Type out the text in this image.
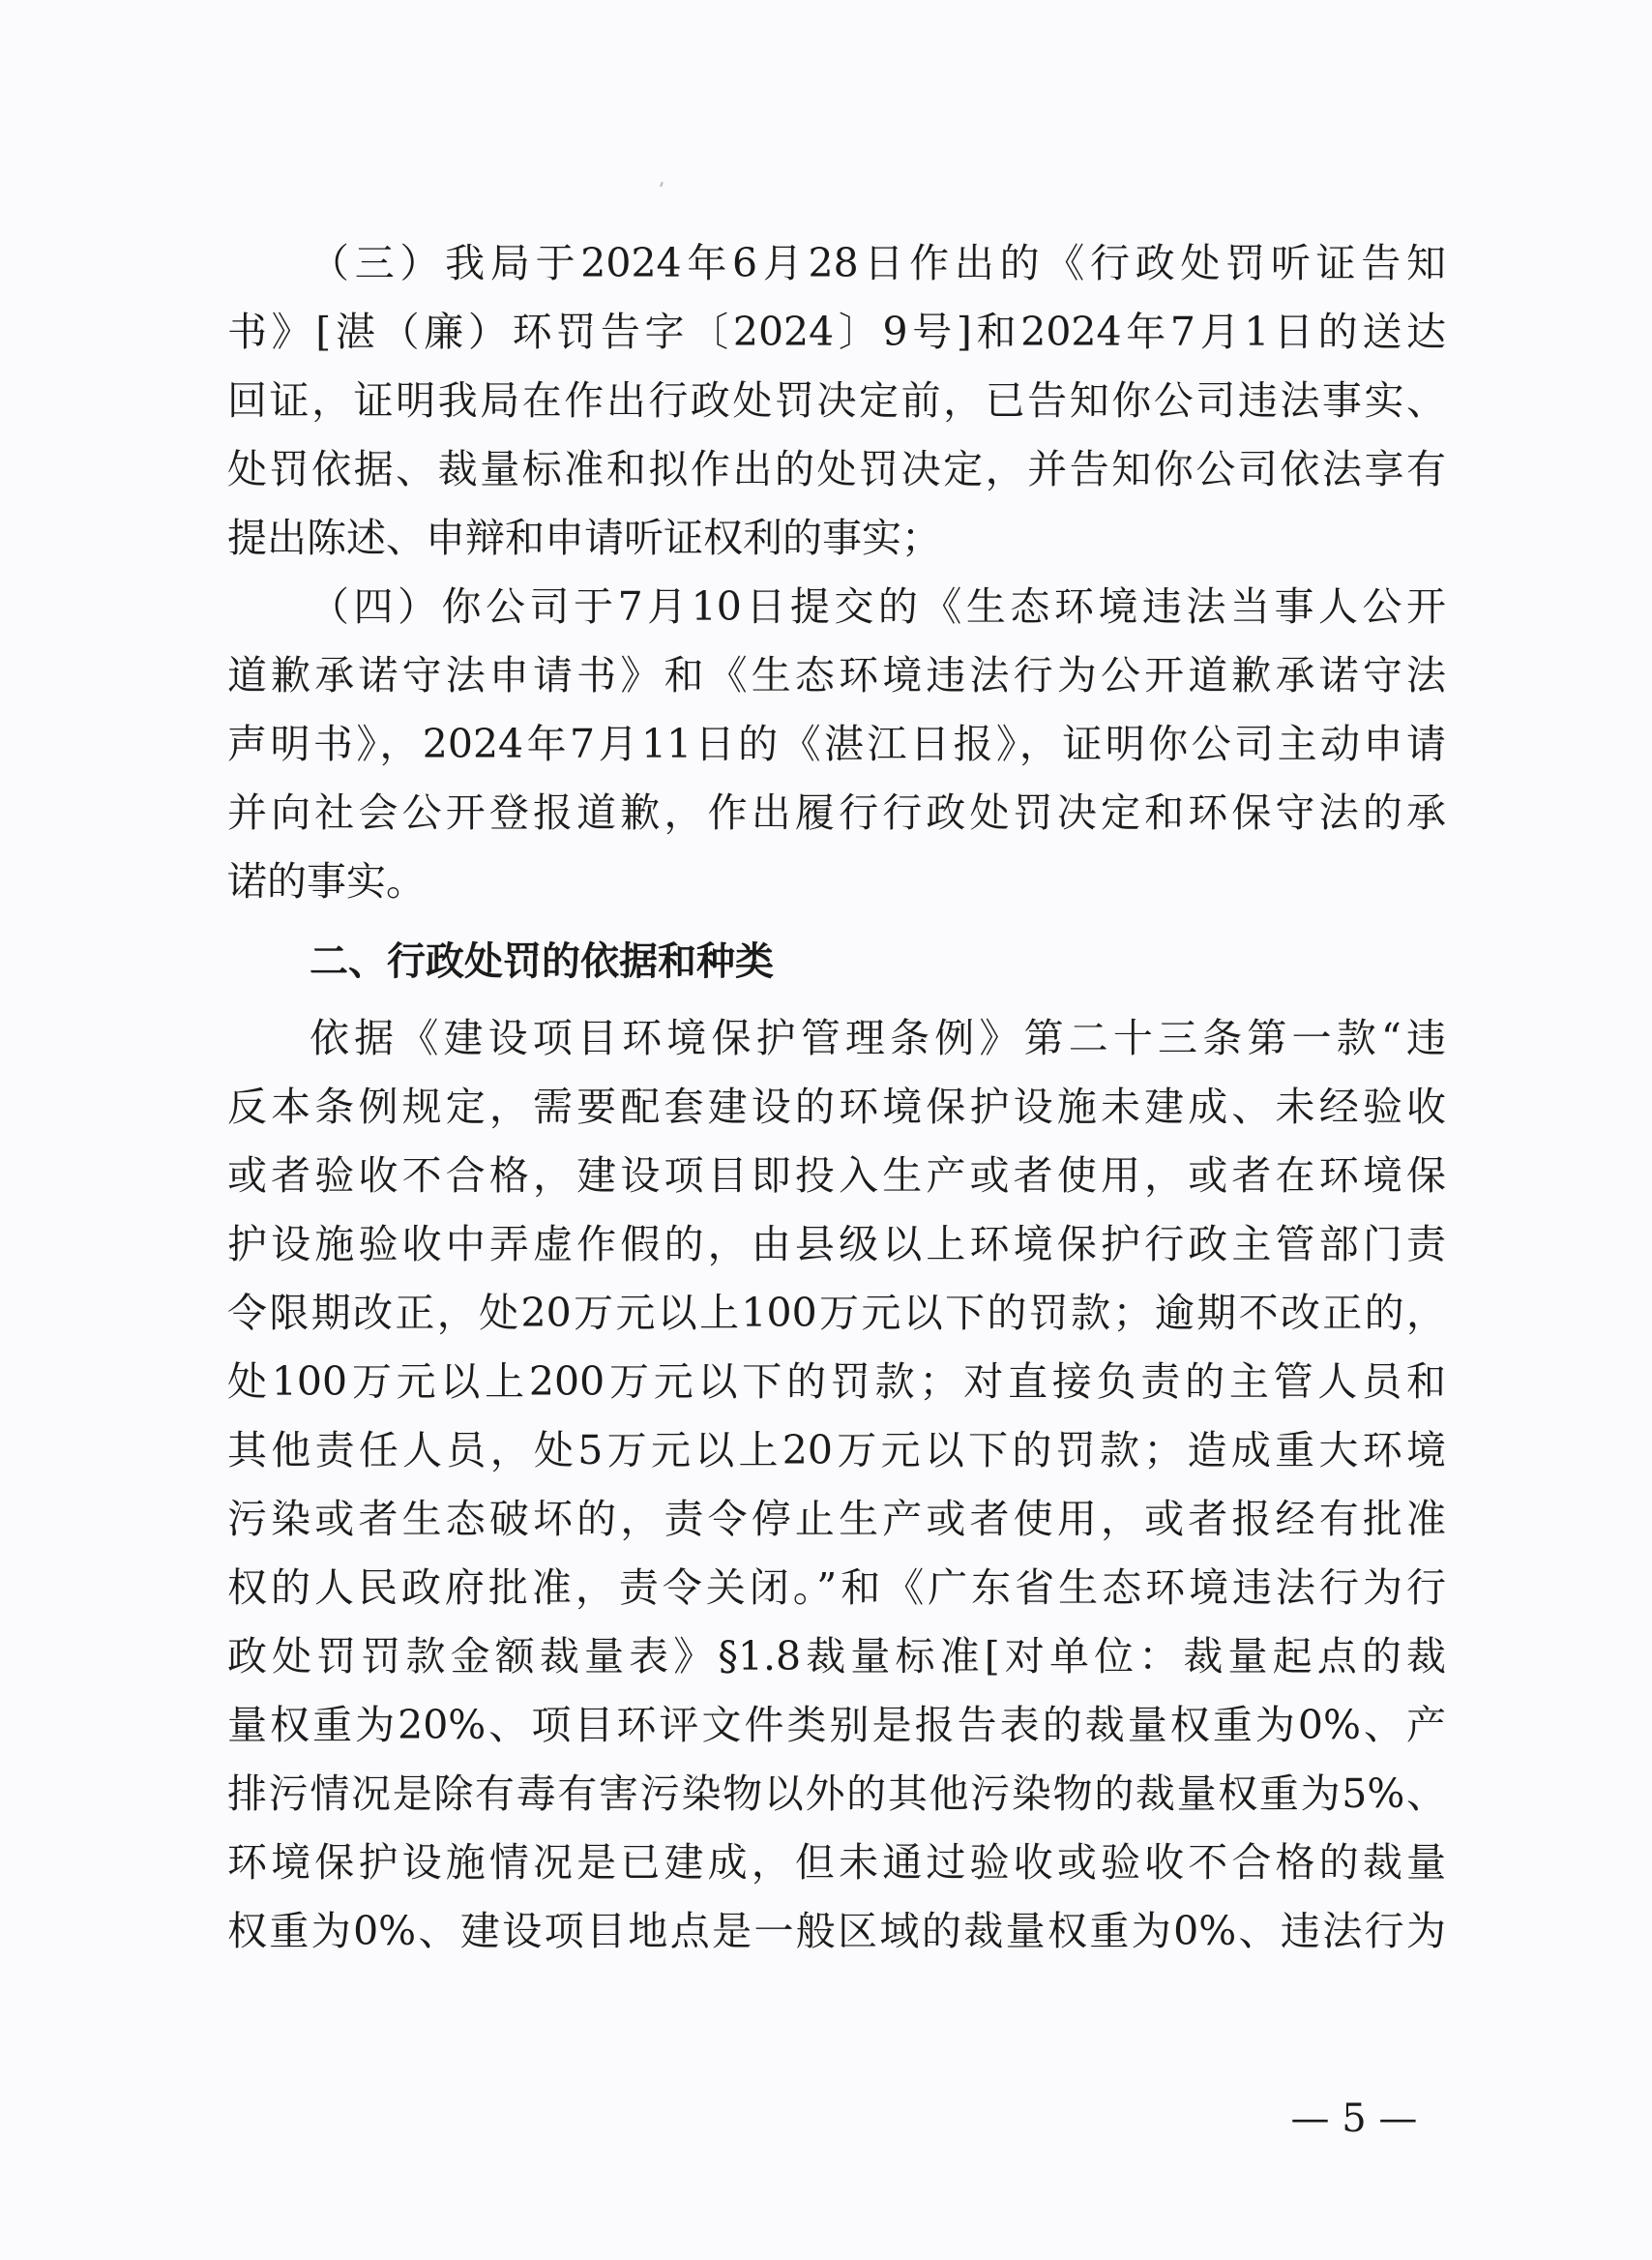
（三）我局于2024年6月28日作出的《行政处罚听证告知
书》[湛（廉）环罚告字〔2024〕9号]和2024年7月1日的送达
回证，证明我局在作出行政处罚决定前，已告知你公司违法事实、
处罚依据、裁量标准和拟作出的处罚决定，并告知你公司依法享有
提出陈述、申辩和申请听证权利的事实；
（四）你公司于7月10日提交的《生态环境违法当事人公开
道歉承诺守法申请书》和《生态环境违法行为公开道歉承诺守法
声明书》，2024年7月11日的《湛江日报》，证明你公司主动申请
并向社会公开登报道歉，作出履行行政处罚决定和环保守法的承
诺的事实。
二、行政处罚的依据和种类
依据《建设项目环境保护管理条例》第二十三条第一款“违
反本条例规定，需要配套建设的环境保护设施未建成、未经验收
或者验收不合格，建设项目即投入生产或者使用，或者在环境保
护设施验收中弄虚作假的，由县级以上环境保护行政主管部门责
令限期改正，处20万元以上100万元以下的罚款；逾期不改正的，
处100万元以上200万元以下的罚款；对直接负责的主管人员和
其他责任人员，处5万元以上20万元以下的罚款；造成重大环境
污染或者生态破坏的，责令停止生产或者使用，或者报经有批准
权的人民政府批准，责令关闭。”和《广东省生态环境违法行为行
政处罚罚款金额裁量表》§1.8裁量标准[对单位：裁量起点的裁
量权重为20%、项目环评文件类别是报告表的裁量权重为0%、产
排污情况是除有毒有害污染物以外的其他污染物的裁量权重为5%、
环境保护设施情况是已建成，但未通过验收或验收不合格的裁量
权重为0%、建设项目地点是一般区域的裁量权重为0%、违法行为
— 5 —
